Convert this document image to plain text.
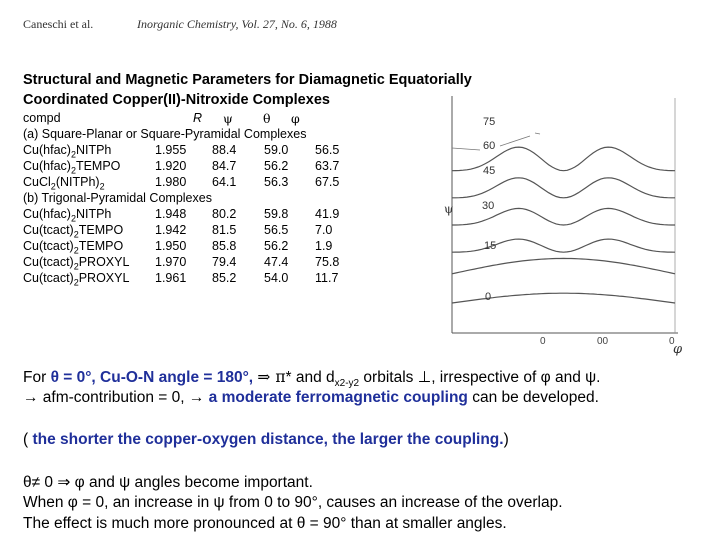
Caneschi et al.	Inorganic Chemistry, Vol. 27, No. 6, 1988
Structural and Magnetic Parameters for Diamagnetic Equatorially
Coordinated Copper(II)-Nitroxide Complexes
compd	R ψ θ φ
(a) Square-Planar or Square-Pyramidal Complexes
$Cu(hfac)_2NITPh$	1.955 88.4 59.0 56.5
$Cu(hfac)_2TEMPO$	1.920 84.7 56.2 63.7
$CuCl_2(NITPh)_2$	1.980 64.1 56.3 67.5
(b) Trigonal-Pyramidal Complexes
$Cu(hfac)_2NITPh$	1.948 80.2 59.8 41.9
$Cu(tcact)_2TEMPO$	1.942 81.5 56.5 7.0
$Cu(tcact)_2TEMPO$	1.950 85.8 56.2 1.9
$Cu(tcact)_2PROXYL$ 1.970 79.4 47.4 75.8
$Cu(tcact)_2PROXYL$ 1.961 85.2 54.0 11.7
ψ
φ
0	00	0
75
60
45
30
15
0
For θ = 0°, Cu-O-N angle = 180°, ⇒ π* and $d_{x2-y2}$ orbitals ⊥, irrespective of φ and ψ.
→ afm-contribution = 0, → a moderate ferromagnetic coupling can be developed.
( the shorter the copper-oxygen distance, the larger the coupling.)
θ≠ 0 ⇒ φ and ψ angles become important.
When φ = 0, an increase in ψ from 0 to 90°, causes an increase of the overlap.
The effect is much more pronounced at θ = 90° than at smaller angles.
